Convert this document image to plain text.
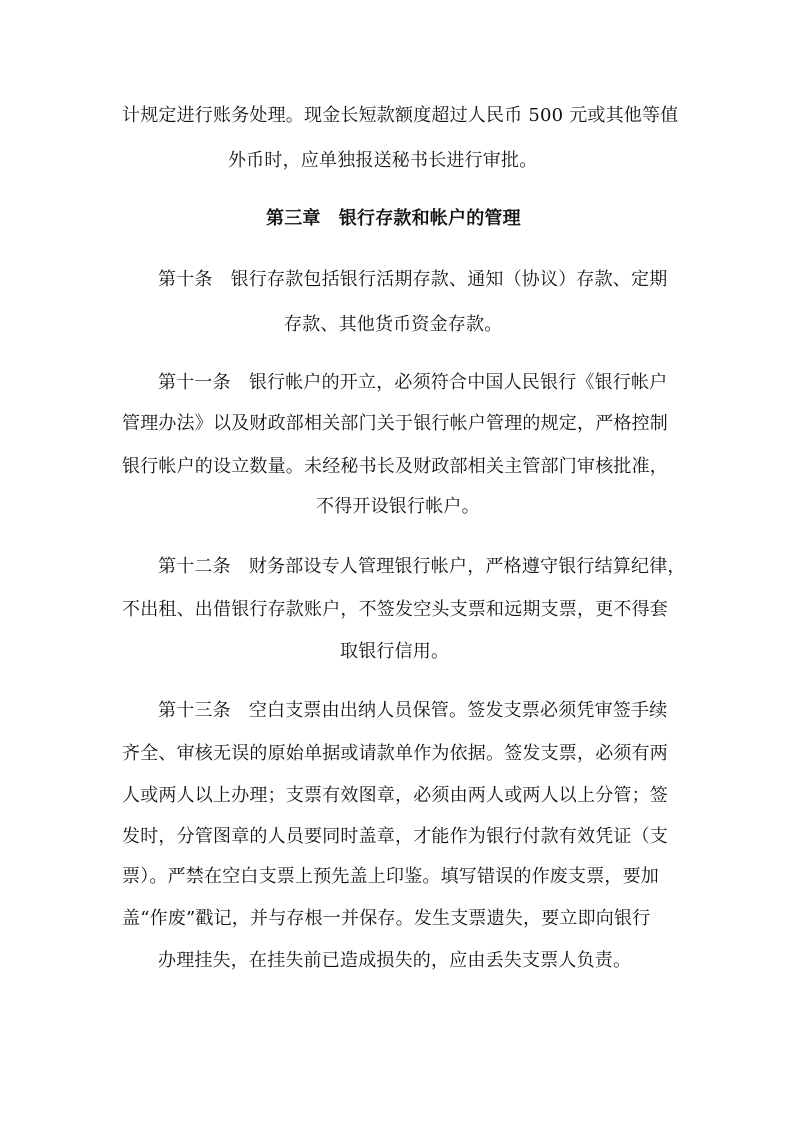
计规定进行账务处理。现金长短款额度超过人民币 500 元或其他等值
外币时，应单独报送秘书长进行审批。
第三章　银行存款和帐户的管理
第十条 银行存款包括银行活期存款、通知（协议）存款、定期
存款、其他货币资金存款。
第十一条 银行帐户的开立，必须符合中国人民银行《银行帐户
管理办法》以及财政部相关部门关于银行帐户管理的规定，严格控制
银行帐户的设立数量。未经秘书长及财政部相关主管部门审核批准，
不得开设银行帐户。
第十二条 财务部设专人管理银行帐户，严格遵守银行结算纪律，
不出租、出借银行存款账户，不签发空头支票和远期支票，更不得套
取银行信用。
第十三条 空白支票由出纳人员保管。签发支票必须凭审签手续
齐全、审核无误的原始单据或请款单作为依据。签发支票，必须有两
人或两人以上办理；支票有效图章，必须由两人或两人以上分管；签
发时，分管图章的人员要同时盖章，才能作为银行付款有效凭证（支
票）。严禁在空白支票上预先盖上印鉴。填写错误的作废支票，要加
盖“作废”戳记，并与存根一并保存。发生支票遗失，要立即向银行
办理挂失，在挂失前已造成损失的，应由丢失支票人负责。
